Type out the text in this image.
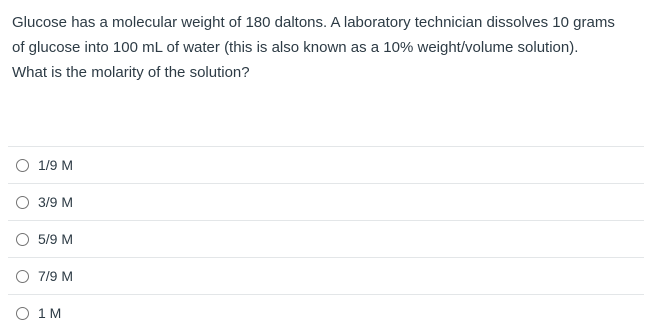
Glucose has a molecular weight of 180 daltons. A laboratory technician dissolves 10 grams

of glucose into 100 mL of water (this is also known as a 10% weight/volume solution).

What is the molarity of the solution?

1/9 M
3/9 M
5/9 M
7/9 M
1 M
